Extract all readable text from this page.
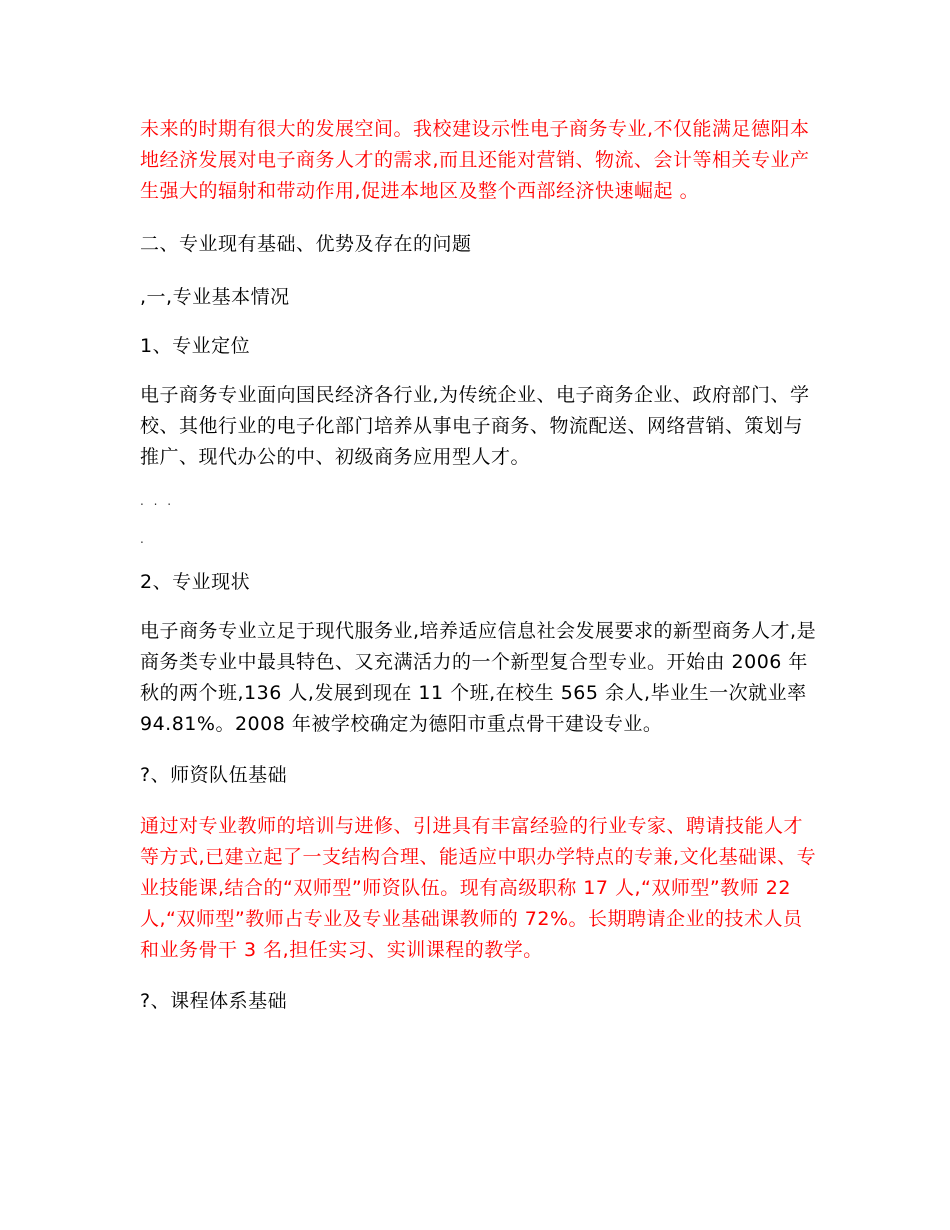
未来的时期有很大的发展空间。我校建设示性电子商务专业,不仅能满足德阳本地经济发展对电子商务人才的需求,而且还能对营销、物流、会计等相关专业产生强大的辐射和带动作用,促进本地区及整个西部经济快速崛起 。

二、专业现有基础、优势及存在的问题

,一,专业基本情况

1、专业定位

电子商务专业面向国民经济各行业,为传统企业、电子商务企业、政府部门、学校、其他行业的电子化部门培养从事电子商务、物流配送、网络营销、策划与推广、现代办公的中、初级商务应用型人才。

. . .

.

2、专业现状

电子商务专业立足于现代服务业,培养适应信息社会发展要求的新型商务人才,是商务类专业中最具特色、又充满活力的一个新型复合型专业。开始由 2006 年秋的两个班,136 人,发展到现在 11 个班,在校生 565 余人,毕业生一次就业率 94.81%。2008 年被学校确定为德阳市重点骨干建设专业。

?、师资队伍基础

通过对专业教师的培训与进修、引进具有丰富经验的行业专家、聘请技能人才等方式,已建立起了一支结构合理、能适应中职办学特点的专兼,文化基础课、专业技能课,结合的“双师型”师资队伍。现有高级职称 17 人,“双师型”教师 22 人,“双师型”教师占专业及专业基础课教师的 72%。长期聘请企业的技术人员和业务骨干 3 名,担任实习、实训课程的教学。

?、课程体系基础
